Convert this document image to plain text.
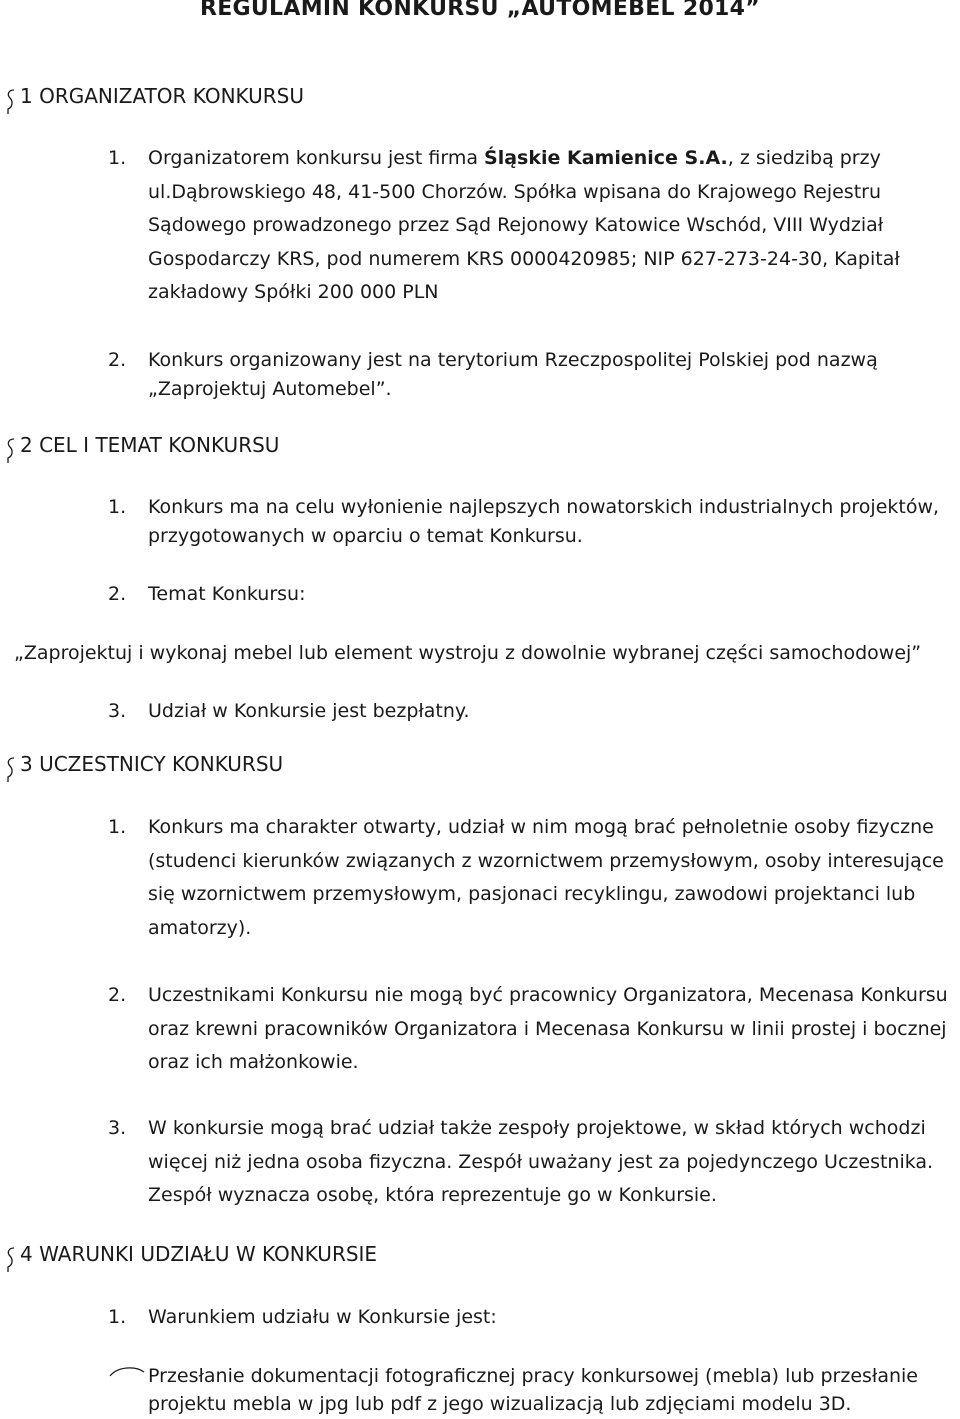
REGULAMIN KONKURSU „AUTOMEBEL 2014”
1 ORGANIZATOR KONKURSU
1. Organizatorem konkursu jest firma Śląskie Kamienice S.A., z siedzibą przy ul.Dąbrowskiego 48, 41-500 Chorzów. Spółka wpisana do Krajowego Rejestru Sądowego prowadzonego przez Sąd Rejonowy Katowice Wschód, VIII Wydział Gospodarczy KRS, pod numerem KRS 0000420985; NIP 627-273-24-30, Kapitał zakładowy Spółki 200 000 PLN
2. Konkurs organizowany jest na terytorium Rzeczpospolitej Polskiej pod nazwą „Zaprojektuj Automebel”.
2 CEL I TEMAT KONKURSU
1. Konkurs ma na celu wyłonienie najlepszych nowatorskich industrialnych projektów, przygotowanych w oparciu o temat Konkursu.
2. Temat Konkursu:
„Zaprojektuj i wykonaj mebel lub element wystroju z dowolnie wybranej części samochodowej”
3. Udział w Konkursie jest bezpłatny.
3 UCZESTNICY KONKURSU
1. Konkurs ma charakter otwarty, udział w nim mogą brać pełnoletnie osoby fizyczne (studenci kierunków związanych z wzornictwem przemysłowym, osoby interesujące się wzornictwem przemysłowym, pasjonaci recyklingu, zawodowi projektanci lub amatorzy).
2. Uczestnikami Konkursu nie mogą być pracownicy Organizatora, Mecenasa Konkursu oraz krewni pracowników Organizatora i Mecenasa Konkursu w linii prostej i bocznej oraz ich małżonkowie.
3. W konkursie mogą brać udział także zespoły projektowe, w skład których wchodzi więcej niż jedna osoba fizyczna. Zespół uważany jest za pojedynczego Uczestnika. Zespół wyznacza osobę, która reprezentuje go w Konkursie.
4 WARUNKI UDZIAŁU W KONKURSIE
1. Warunkiem udziału w Konkursie jest:
Przesłanie dokumentacji fotograficznej pracy konkursowej (mebla) lub przesłanie projektu mebla w jpg lub pdf z jego wizualizacją lub zdjęciami modelu 3D.
